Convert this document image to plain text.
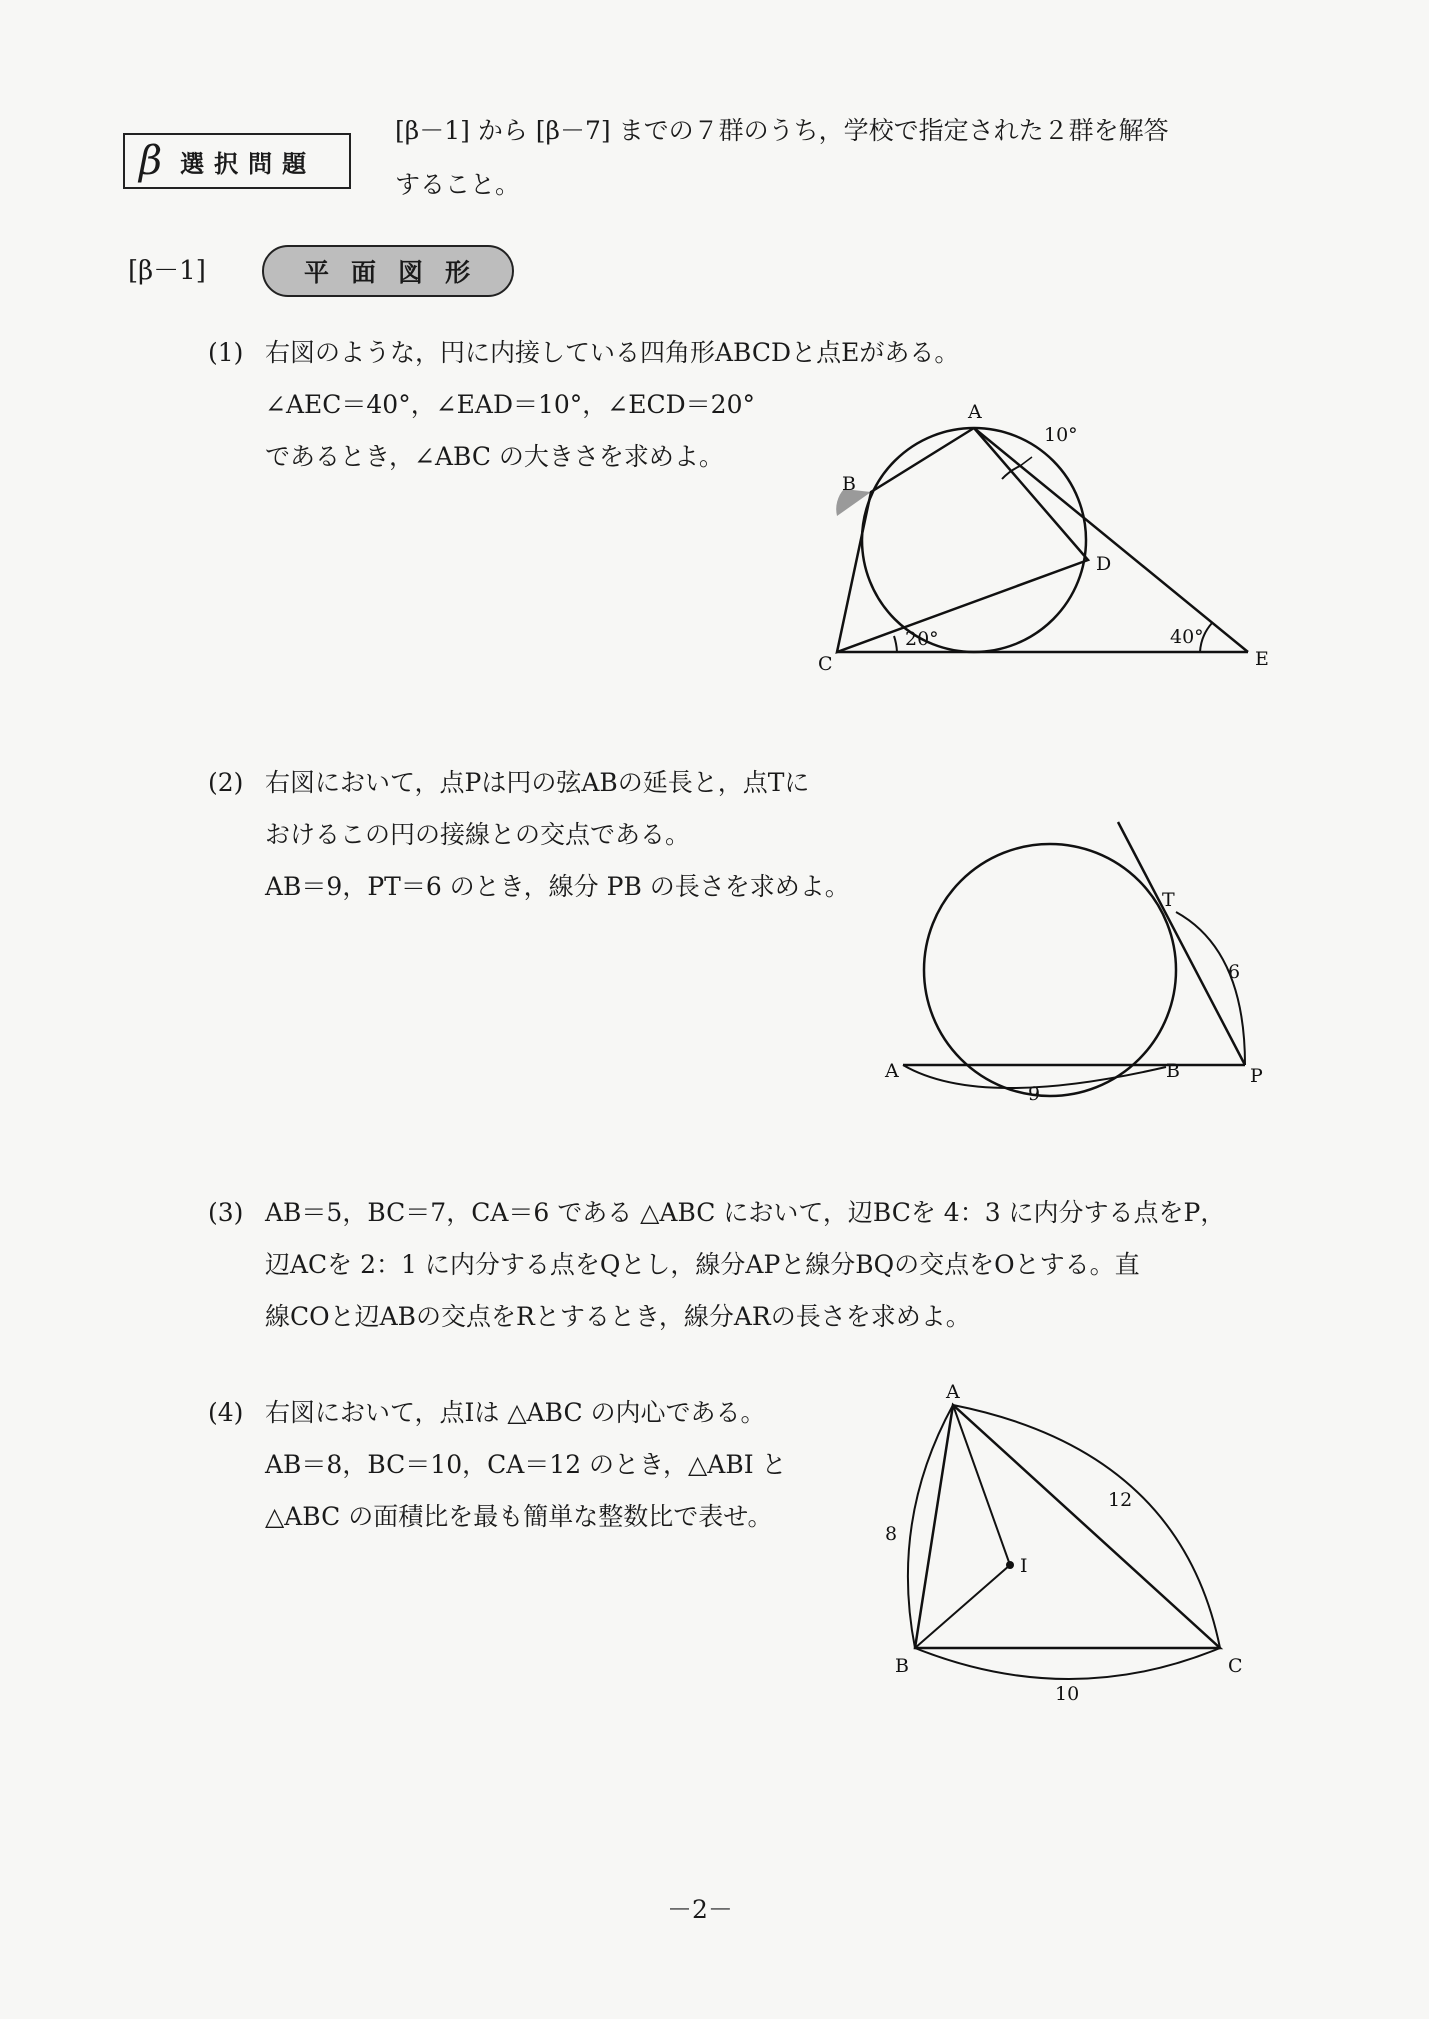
β 選択問題
[β－1] から [β－7] までの７群のうち，学校で指定された２群を解答
すること。
[β－1]	平面図形
(1) 右図のような，円に内接している四角形ABCDと点Eがある。
∠AEC＝40°，∠EAD＝10°，∠ECD＝20°
であるとき，∠ABC の大きさを求めよ。
A
B
C
D
E
10°
20°	40°
(2) 右図において，点Pは円の弦ABの延長と，点Tに
おけるこの円の接線との交点である。
AB＝9，PT＝6 のとき，線分 PB の長さを求めよ。
A	B	P
T
9
6
(3) AB＝5，BC＝7，CA＝6 である △ABC において，辺BCを 4：3 に内分する点をP，
辺ACを 2：1 に内分する点をQとし，線分APと線分BQの交点をOとする。直
線COと辺ABの交点をRとするとき，線分ARの長さを求めよ。
(4) 右図において，点Iは △ABC の内心である。
AB＝8，BC＝10，CA＝12 のとき，△ABI と
△ABC の面積比を最も簡単な整数比で表せ。
A
B	C
I
8
10
12
－2－
